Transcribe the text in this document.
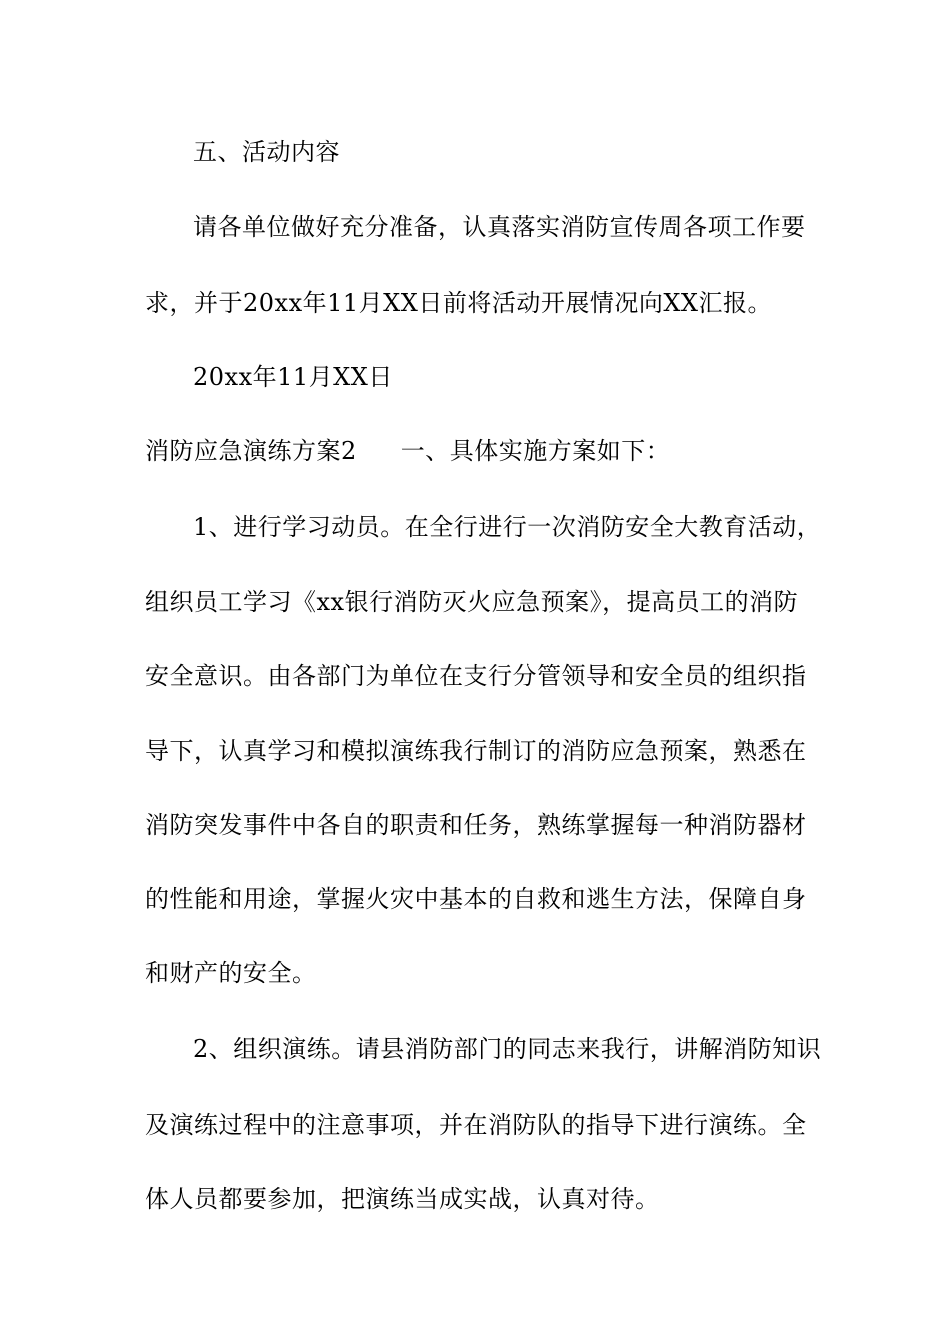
五、活动内容
请各单位做好充分准备，认真落实消防宣传周各项工作要
求，并于20xx年11月XX日前将活动开展情况向XX汇报。
20xx年11月XX日
消防应急演练方案2 一、具体实施方案如下：
1、进行学习动员。在全行进行一次消防安全大教育活动，
组织员工学习《xx银行消防灭火应急预案》，提高员工的消防
安全意识。由各部门为单位在支行分管领导和安全员的组织指
导下，认真学习和模拟演练我行制订的消防应急预案，熟悉在
消防突发事件中各自的职责和任务，熟练掌握每一种消防器材
的性能和用途，掌握火灾中基本的自救和逃生方法，保障自身
和财产的安全。
2、组织演练。请县消防部门的同志来我行，讲解消防知识
及演练过程中的注意事项，并在消防队的指导下进行演练。全
体人员都要参加，把演练当成实战，认真对待。
